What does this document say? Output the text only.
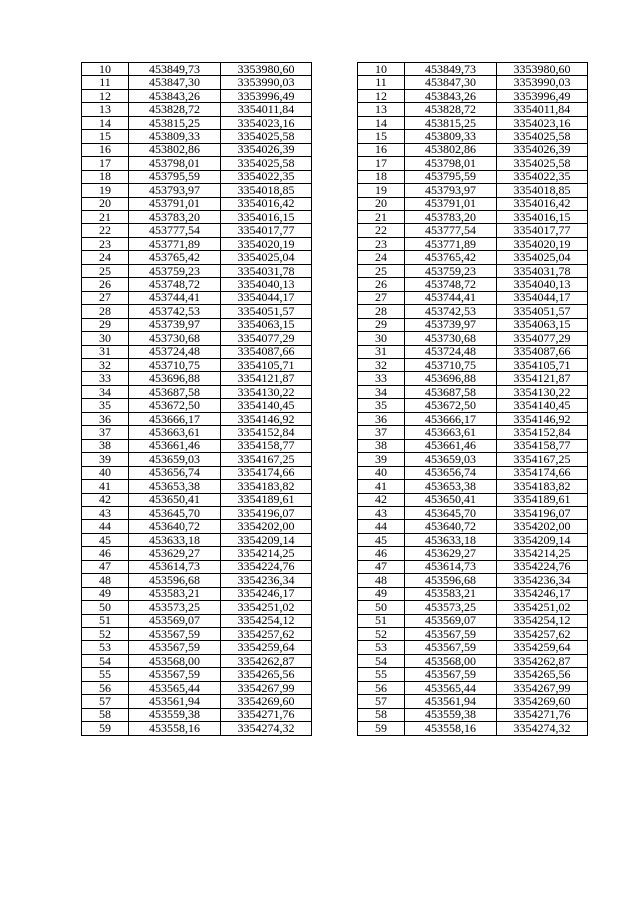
10	453849,73	3353980,60
11	453847,30	3353990,03
12	453843,26	3353996,49
13	453828,72	3354011,84
14	453815,25	3354023,16
15	453809,33	3354025,58
16	453802,86	3354026,39
17	453798,01	3354025,58
18	453795,59	3354022,35
19	453793,97	3354018,85
20	453791,01	3354016,42
21	453783,20	3354016,15
22	453777,54	3354017,77
23	453771,89	3354020,19
24	453765,42	3354025,04
25	453759,23	3354031,78
26	453748,72	3354040,13
27	453744,41	3354044,17
28	453742,53	3354051,57
29	453739,97	3354063,15
30	453730,68	3354077,29
31	453724,48	3354087,66
32	453710,75	3354105,71
33	453696,88	3354121,87
34	453687,58	3354130,22
35	453672,50	3354140,45
36	453666,17	3354146,92
37	453663,61	3354152,84
38	453661,46	3354158,77
39	453659,03	3354167,25
40	453656,74	3354174,66
41	453653,38	3354183,82
42	453650,41	3354189,61
43	453645,70	3354196,07
44	453640,72	3354202,00
45	453633,18	3354209,14
46	453629,27	3354214,25
47	453614,73	3354224,76
48	453596,68	3354236,34
49	453583,21	3354246,17
50	453573,25	3354251,02
51	453569,07	3354254,12
52	453567,59	3354257,62
53	453567,59	3354259,64
54	453568,00	3354262,87
55	453567,59	3354265,56
56	453565,44	3354267,99
57	453561,94	3354269,60
58	453559,38	3354271,76
59	453558,16	3354274,32
10	453849,73	3353980,60
11	453847,30	3353990,03
12	453843,26	3353996,49
13	453828,72	3354011,84
14	453815,25	3354023,16
15	453809,33	3354025,58
16	453802,86	3354026,39
17	453798,01	3354025,58
18	453795,59	3354022,35
19	453793,97	3354018,85
20	453791,01	3354016,42
21	453783,20	3354016,15
22	453777,54	3354017,77
23	453771,89	3354020,19
24	453765,42	3354025,04
25	453759,23	3354031,78
26	453748,72	3354040,13
27	453744,41	3354044,17
28	453742,53	3354051,57
29	453739,97	3354063,15
30	453730,68	3354077,29
31	453724,48	3354087,66
32	453710,75	3354105,71
33	453696,88	3354121,87
34	453687,58	3354130,22
35	453672,50	3354140,45
36	453666,17	3354146,92
37	453663,61	3354152,84
38	453661,46	3354158,77
39	453659,03	3354167,25
40	453656,74	3354174,66
41	453653,38	3354183,82
42	453650,41	3354189,61
43	453645,70	3354196,07
44	453640,72	3354202,00
45	453633,18	3354209,14
46	453629,27	3354214,25
47	453614,73	3354224,76
48	453596,68	3354236,34
49	453583,21	3354246,17
50	453573,25	3354251,02
51	453569,07	3354254,12
52	453567,59	3354257,62
53	453567,59	3354259,64
54	453568,00	3354262,87
55	453567,59	3354265,56
56	453565,44	3354267,99
57	453561,94	3354269,60
58	453559,38	3354271,76
59	453558,16	3354274,32
